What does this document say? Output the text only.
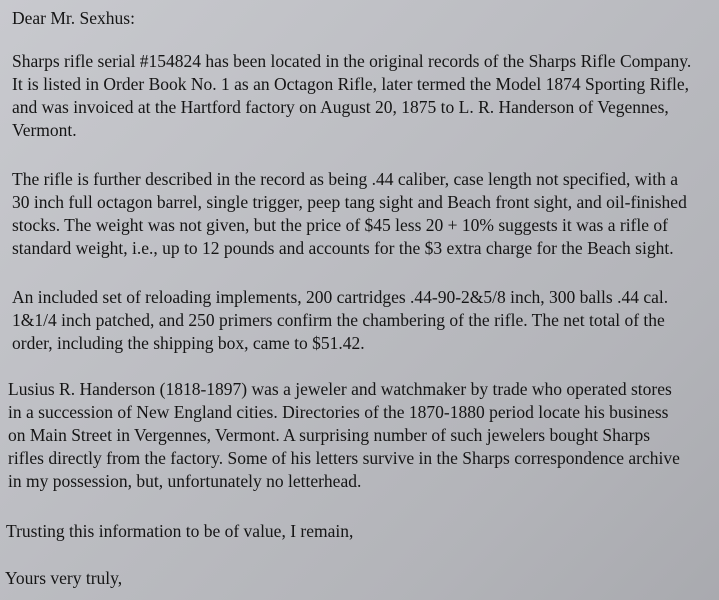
Dear Mr. Sexhus:

Sharps rifle serial #154824 has been located in the original records of the Sharps Rifle Company.

It is listed in Order Book No. 1 as an Octagon Rifle, later termed the Model 1874 Sporting Rifle,

and was invoiced at the Hartford factory on August 20, 1875 to L. R. Handerson of Vegennes,

Vermont.

The rifle is further described in the record as being .44 caliber, case length not specified, with a

30 inch full octagon barrel, single trigger, peep tang sight and Beach front sight, and oil-finished

stocks. The weight was not given, but the price of $45 less 20 + 10% suggests it was a rifle of

standard weight, i.e., up to 12 pounds and accounts for the $3 extra charge for the Beach sight.

An included set of reloading implements, 200 cartridges .44-90-2&5/8 inch, 300 balls .44 cal.

1&1/4 inch patched, and 250 primers confirm the chambering of the rifle. The net total of the

order, including the shipping box, came to $51.42.

Lusius R. Handerson (1818-1897) was a jeweler and watchmaker by trade who operated stores

in a succession of New England cities. Directories of the 1870-1880 period locate his business

on Main Street in Vergennes, Vermont. A surprising number of such jewelers bought Sharps

rifles directly from the factory. Some of his letters survive in the Sharps correspondence archive

in my possession, but, unfortunately no letterhead.

Trusting this information to be of value, I remain,

Yours very truly,
